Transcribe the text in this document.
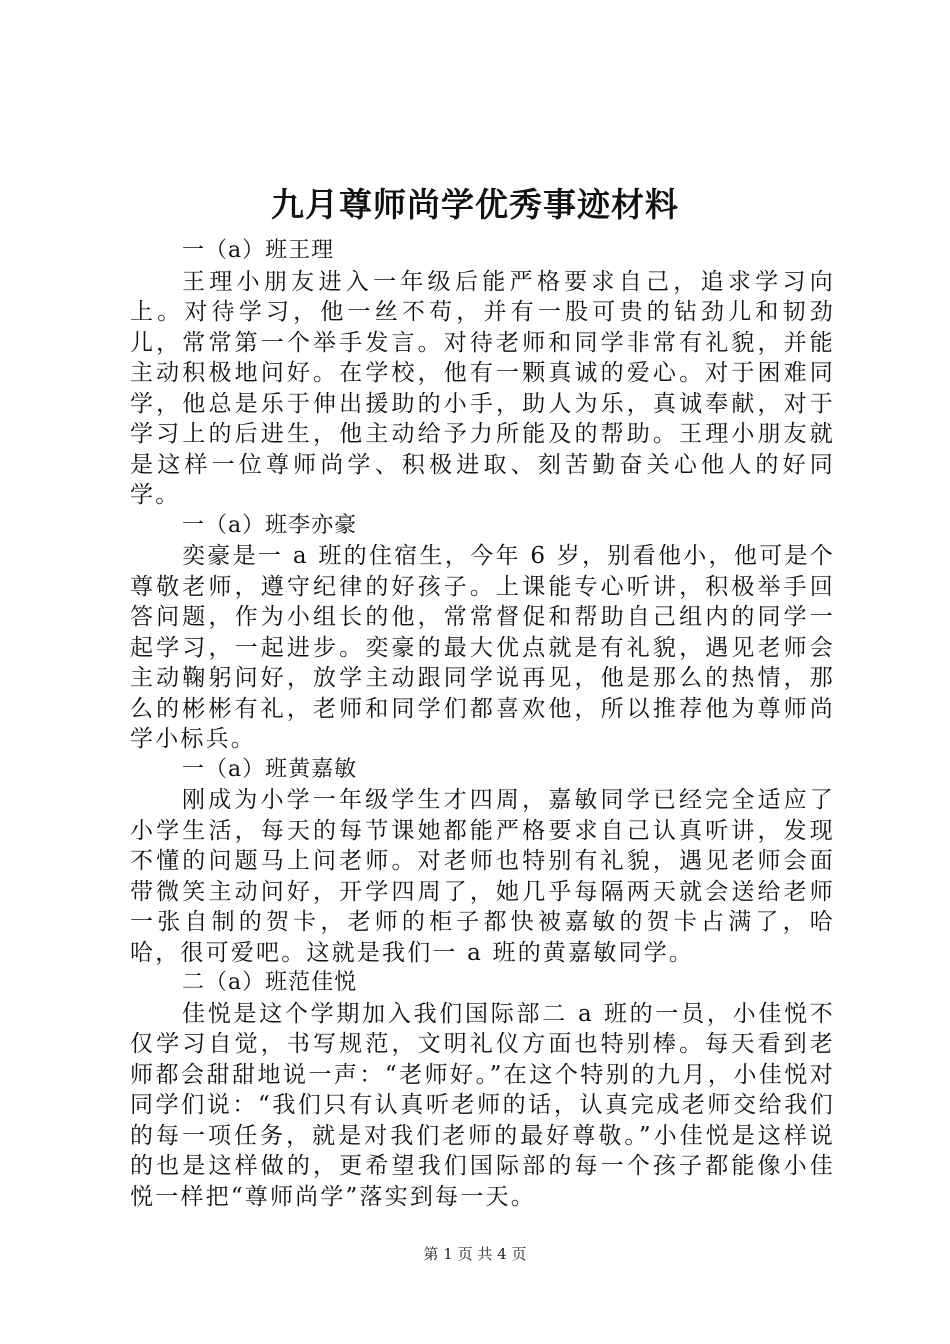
九月尊师尚学优秀事迹材料

一（a）班王理

王理小朋友进入一年级后能严格要求自己，追求学习向上。对待学习，他一丝不苟，并有一股可贵的钻劲儿和韧劲儿，常常第一个举手发言。对待老师和同学非常有礼貌，并能主动积极地问好。在学校，他有一颗真诚的爱心。对于困难同学，他总是乐于伸出援助的小手，助人为乐，真诚奉献，对于学习上的后进生，他主动给予力所能及的帮助。王理小朋友就是这样一位尊师尚学、积极进取、刻苦勤奋关心他人的好同学。

一（a）班李亦豪

奕豪是一 a 班的住宿生，今年 6 岁，别看他小，他可是个尊敬老师，遵守纪律的好孩子。上课能专心听讲，积极举手回答问题，作为小组长的他，常常督促和帮助自己组内的同学一起学习，一起进步。奕豪的最大优点就是有礼貌，遇见老师会主动鞠躬问好，放学主动跟同学说再见，他是那么的热情，那么的彬彬有礼，老师和同学们都喜欢他，所以推荐他为尊师尚学小标兵。

一（a）班黄嘉敏

刚成为小学一年级学生才四周，嘉敏同学已经完全适应了小学生活，每天的每节课她都能严格要求自己认真听讲，发现不懂的问题马上问老师。对老师也特别有礼貌，遇见老师会面带微笑主动问好，开学四周了，她几乎每隔两天就会送给老师一张自制的贺卡，老师的柜子都快被嘉敏的贺卡占满了，哈哈，很可爱吧。这就是我们一 a 班的黄嘉敏同学。

二（a）班范佳悦

佳悦是这个学期加入我们国际部二 a 班的一员，小佳悦不仅学习自觉，书写规范，文明礼仪方面也特别棒。每天看到老师都会甜甜地说一声：“老师好。”在这个特别的九月，小佳悦对同学们说：“我们只有认真听老师的话，认真完成老师交给我们的每一项任务，就是对我们老师的最好尊敬。”小佳悦是这样说的也是这样做的，更希望我们国际部的每一个孩子都能像小佳悦一样把“尊师尚学”落实到每一天。

第 1 页 共 4 页
